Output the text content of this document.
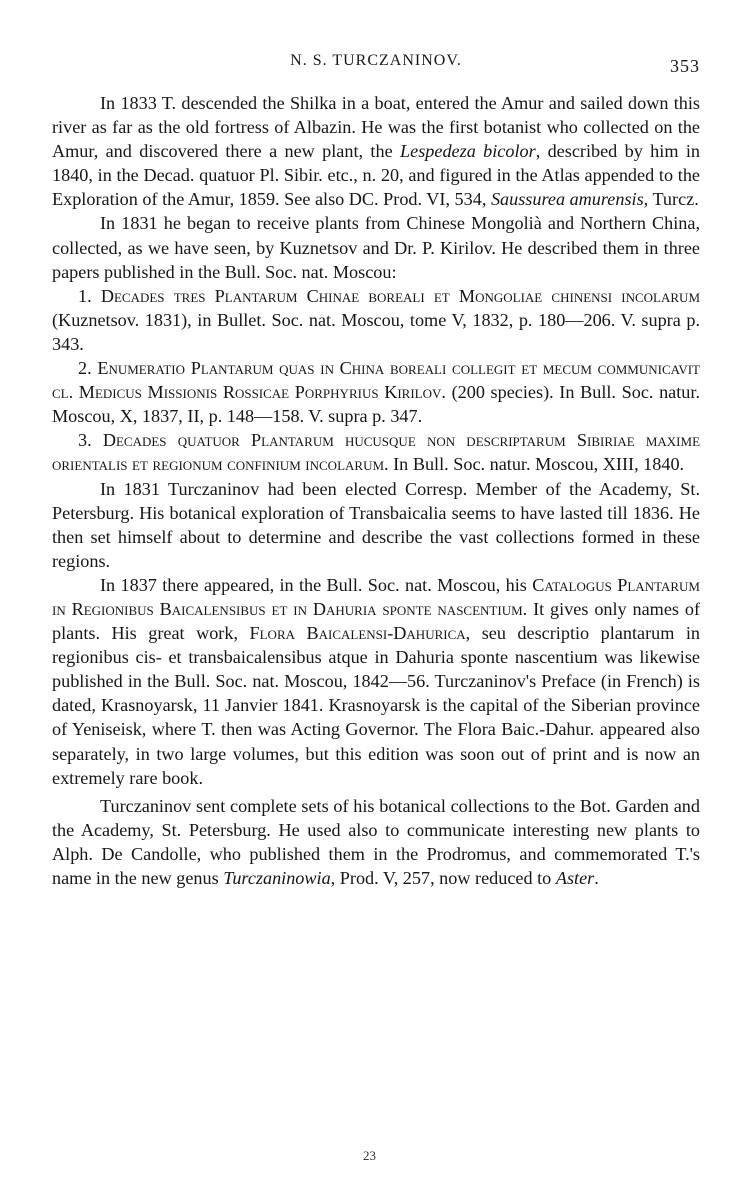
N. S. TURCZANINOV.	353

In 1833 T. descended the Shilka in a boat, entered the Amur and sailed down this river as far as the old fortress of Albazin. He was the first botanist who collected on the Amur, and discovered there a new plant, the Lespedeza bicolor, described by him in 1840, in the Decad. quatuor Pl. Sibir. etc., n. 20, and figured in the Atlas appended to the Exploration of the Amur, 1859. See also DC. Prod. VI, 534, Saussurea amurensis, Turcz.

In 1831 he began to receive plants from Chinese Mongolià and Northern China, collected, as we have seen, by Kuznetsov and Dr. P. Kirilov. He described them in three papers published in the Bull. Soc. nat. Moscou:

1. Decades tres Plantarum Chinae boreali et Mongoliae chinensi incolarum (Kuznetsov. 1831), in Bullet. Soc. nat. Moscou, tome V, 1832, p. 180—206. V. supra p. 343.

2. Enumeratio Plantarum quas in China boreali collegit et mecum communicavit cl. Medicus Missionis Rossicae Porphyrius Kirilov. (200 species). In Bull. Soc. natur. Moscou, X, 1837, II, p. 148—158. V. supra p. 347.

3. Decades quatuor Plantarum hucusque non descriptarum Sibiriae maxime orientalis et regionum confinium incolarum. In Bull. Soc. natur. Moscou, XIII, 1840.

In 1831 Turczaninov had been elected Corresp. Member of the Academy, St. Petersburg. His botanical exploration of Transbaicalia seems to have lasted till 1836. He then set himself about to determine and describe the vast collections formed in these regions.

In 1837 there appeared, in the Bull. Soc. nat. Moscou, his Catalogus Plantarum in Regionibus Baicalensibus et in Dahuria sponte nascentium. It gives only names of plants. His great work, Flora Baicalensi-Dahurica, seu descriptio plantarum in regionibus cis- et transbaicalensibus atque in Dahuria sponte nascentium was likewise published in the Bull. Soc. nat. Moscou, 1842—56. Turczaninov's Preface (in French) is dated, Krasnoyarsk, 11 Janvier 1841. Krasnoyarsk is the capital of the Siberian province of Yeniseisk, where T. then was Acting Governor. The Flora Baic.-Dahur. appeared also separately, in two large volumes, but this edition was soon out of print and is now an extremely rare book.

Turczaninov sent complete sets of his botanical collections to the Bot. Garden and the Academy, St. Petersburg. He used also to communicate interesting new plants to Alph. De Candolle, who published them in the Prodromus, and commemorated T.'s name in the new genus Turczaninowia, Prod. V, 257, now reduced to Aster.

23
